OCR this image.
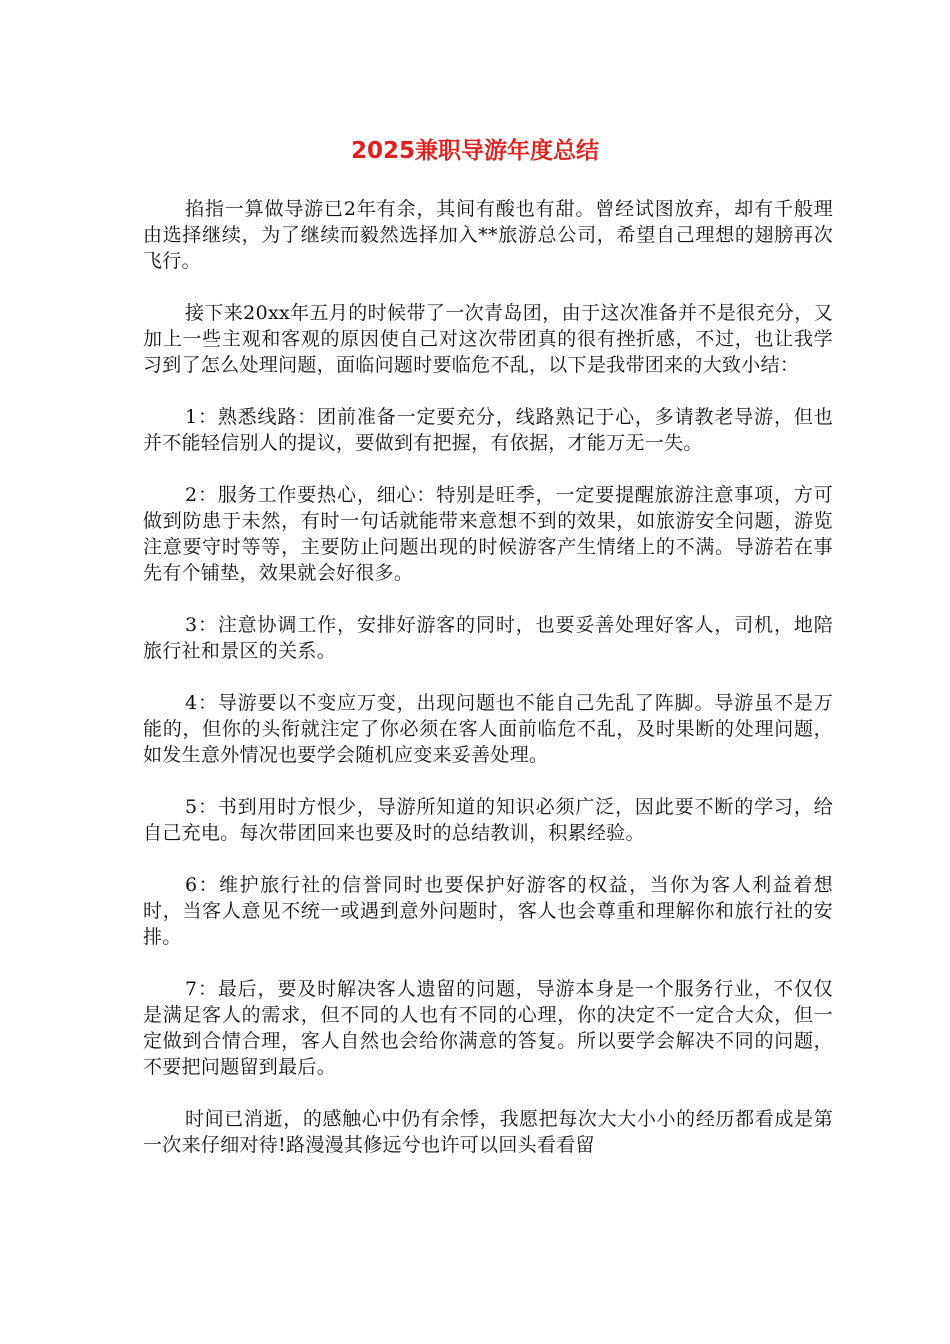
2025兼职导游年度总结

掐指一算做导游已2年有余，其间有酸也有甜。曾经试图放弃，却有千般理由选择继续，为了继续而毅然选择加入**旅游总公司，希望自己理想的翅膀再次飞行。

接下来20xx年五月的时候带了一次青岛团，由于这次准备并不是很充分，又加上一些主观和客观的原因使自己对这次带团真的很有挫折感，不过，也让我学习到了怎么处理问题，面临问题时要临危不乱，以下是我带团来的大致小结：

1：熟悉线路：团前准备一定要充分，线路熟记于心，多请教老导游，但也并不能轻信别人的提议，要做到有把握，有依据，才能万无一失。

2：服务工作要热心，细心：特别是旺季，一定要提醒旅游注意事项，方可做到防患于未然，有时一句话就能带来意想不到的效果，如旅游安全问题，游览注意要守时等等，主要防止问题出现的时候游客产生情绪上的不满。导游若在事先有个铺垫，效果就会好很多。

3：注意协调工作，安排好游客的同时，也要妥善处理好客人，司机，地陪旅行社和景区的关系。

4：导游要以不变应万变，出现问题也不能自己先乱了阵脚。导游虽不是万能的，但你的头衔就注定了你必须在客人面前临危不乱，及时果断的处理问题，如发生意外情况也要学会随机应变来妥善处理。

5：书到用时方恨少，导游所知道的知识必须广泛，因此要不断的学习，给自己充电。每次带团回来也要及时的总结教训，积累经验。

6：维护旅行社的信誉同时也要保护好游客的权益，当你为客人利益着想时，当客人意见不统一或遇到意外问题时，客人也会尊重和理解你和旅行社的安排。

7：最后，要及时解决客人遗留的问题，导游本身是一个服务行业，不仅仅是满足客人的需求，但不同的人也有不同的心理，你的决定不一定合大众，但一定做到合情合理，客人自然也会给你满意的答复。所以要学会解决不同的问题，不要把问题留到最后。

时间已消逝，的感触心中仍有余悸，我愿把每次大大小小的经历都看成是第一次来仔细对待!路漫漫其修远兮也许可以回头看看留
